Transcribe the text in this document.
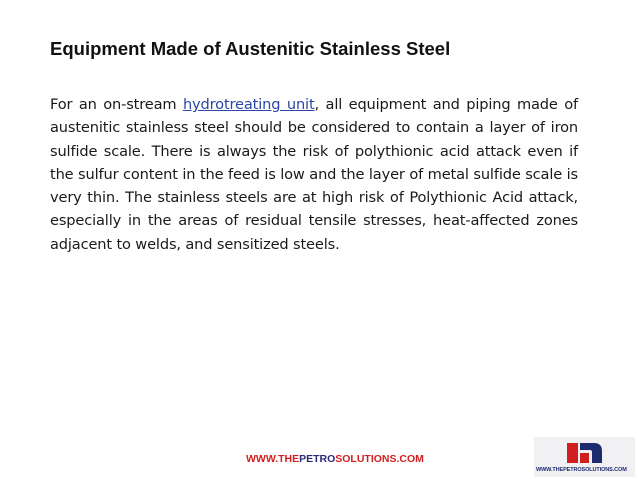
Equipment Made of Austenitic Stainless Steel
For an on-stream hydrotreating unit, all equipment and piping made of austenitic stainless steel should be considered to contain a layer of iron sulfide scale. There is always the risk of polythionic acid attack even if the sulfur content in the feed is low and the layer of metal sulfide scale is very thin. The stainless steels are at high risk of Polythionic Acid attack, especially in the areas of residual tensile stresses, heat-affected zones adjacent to welds, and sensitized steels.
WWW.THEPETROSOLUTIONS.COM
WWW.THEPETROSOLUTIONS.COM
